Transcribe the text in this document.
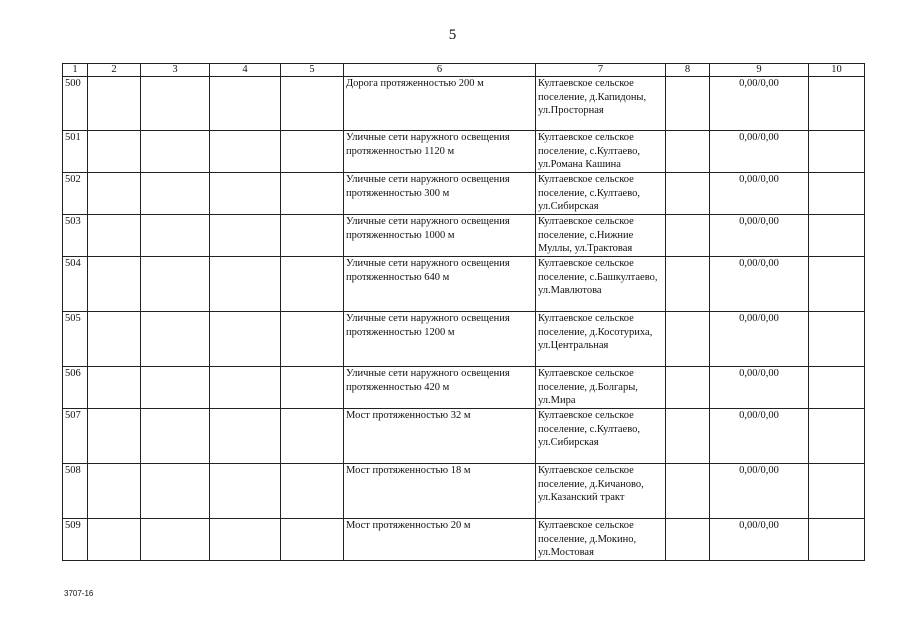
5
1	2	3	4	5	6	7	8	9	10
500					Дорога протяженностью 200 м	Култаевское сельское поселение, д.Капидоны, ул.Просторная		0,00/0,00	
501					Уличные сети наружного освещения протяженностью 1120 м	Култаевское сельское поселение, с.Култаево, ул.Романа Кашина		0,00/0,00	
502					Уличные сети наружного освещения протяженностью 300 м	Култаевское сельское поселение, с.Култаево, ул.Сибирская		0,00/0,00	
503					Уличные сети наружного освещения протяженностью 1000 м	Култаевское сельское поселение, с.Нижние Муллы, ул.Трактовая		0,00/0,00	
504					Уличные сети наружного освещения протяженностью 640 м	Култаевское сельское поселение, с.Башкултаево, ул.Мавлютова		0,00/0,00	
505					Уличные сети наружного освещения протяженностью 1200 м	Култаевское сельское поселение, д.Косотуриха, ул.Центральная		0,00/0,00	
506					Уличные сети наружного освещения протяженностью 420 м	Култаевское сельское поселение, д.Болгары, ул.Мира		0,00/0,00	
507					Мост протяженностью 32 м	Култаевское сельское поселение, с.Култаево, ул.Сибирская		0,00/0,00	
508					Мост протяженностью 18 м	Култаевское сельское поселение, д.Кичаново, ул.Казанский тракт		0,00/0,00	
509					Мост протяженностью 20 м	Култаевское сельское поселение, д.Мокино, ул.Мостовая		0,00/0,00	
3707-16
